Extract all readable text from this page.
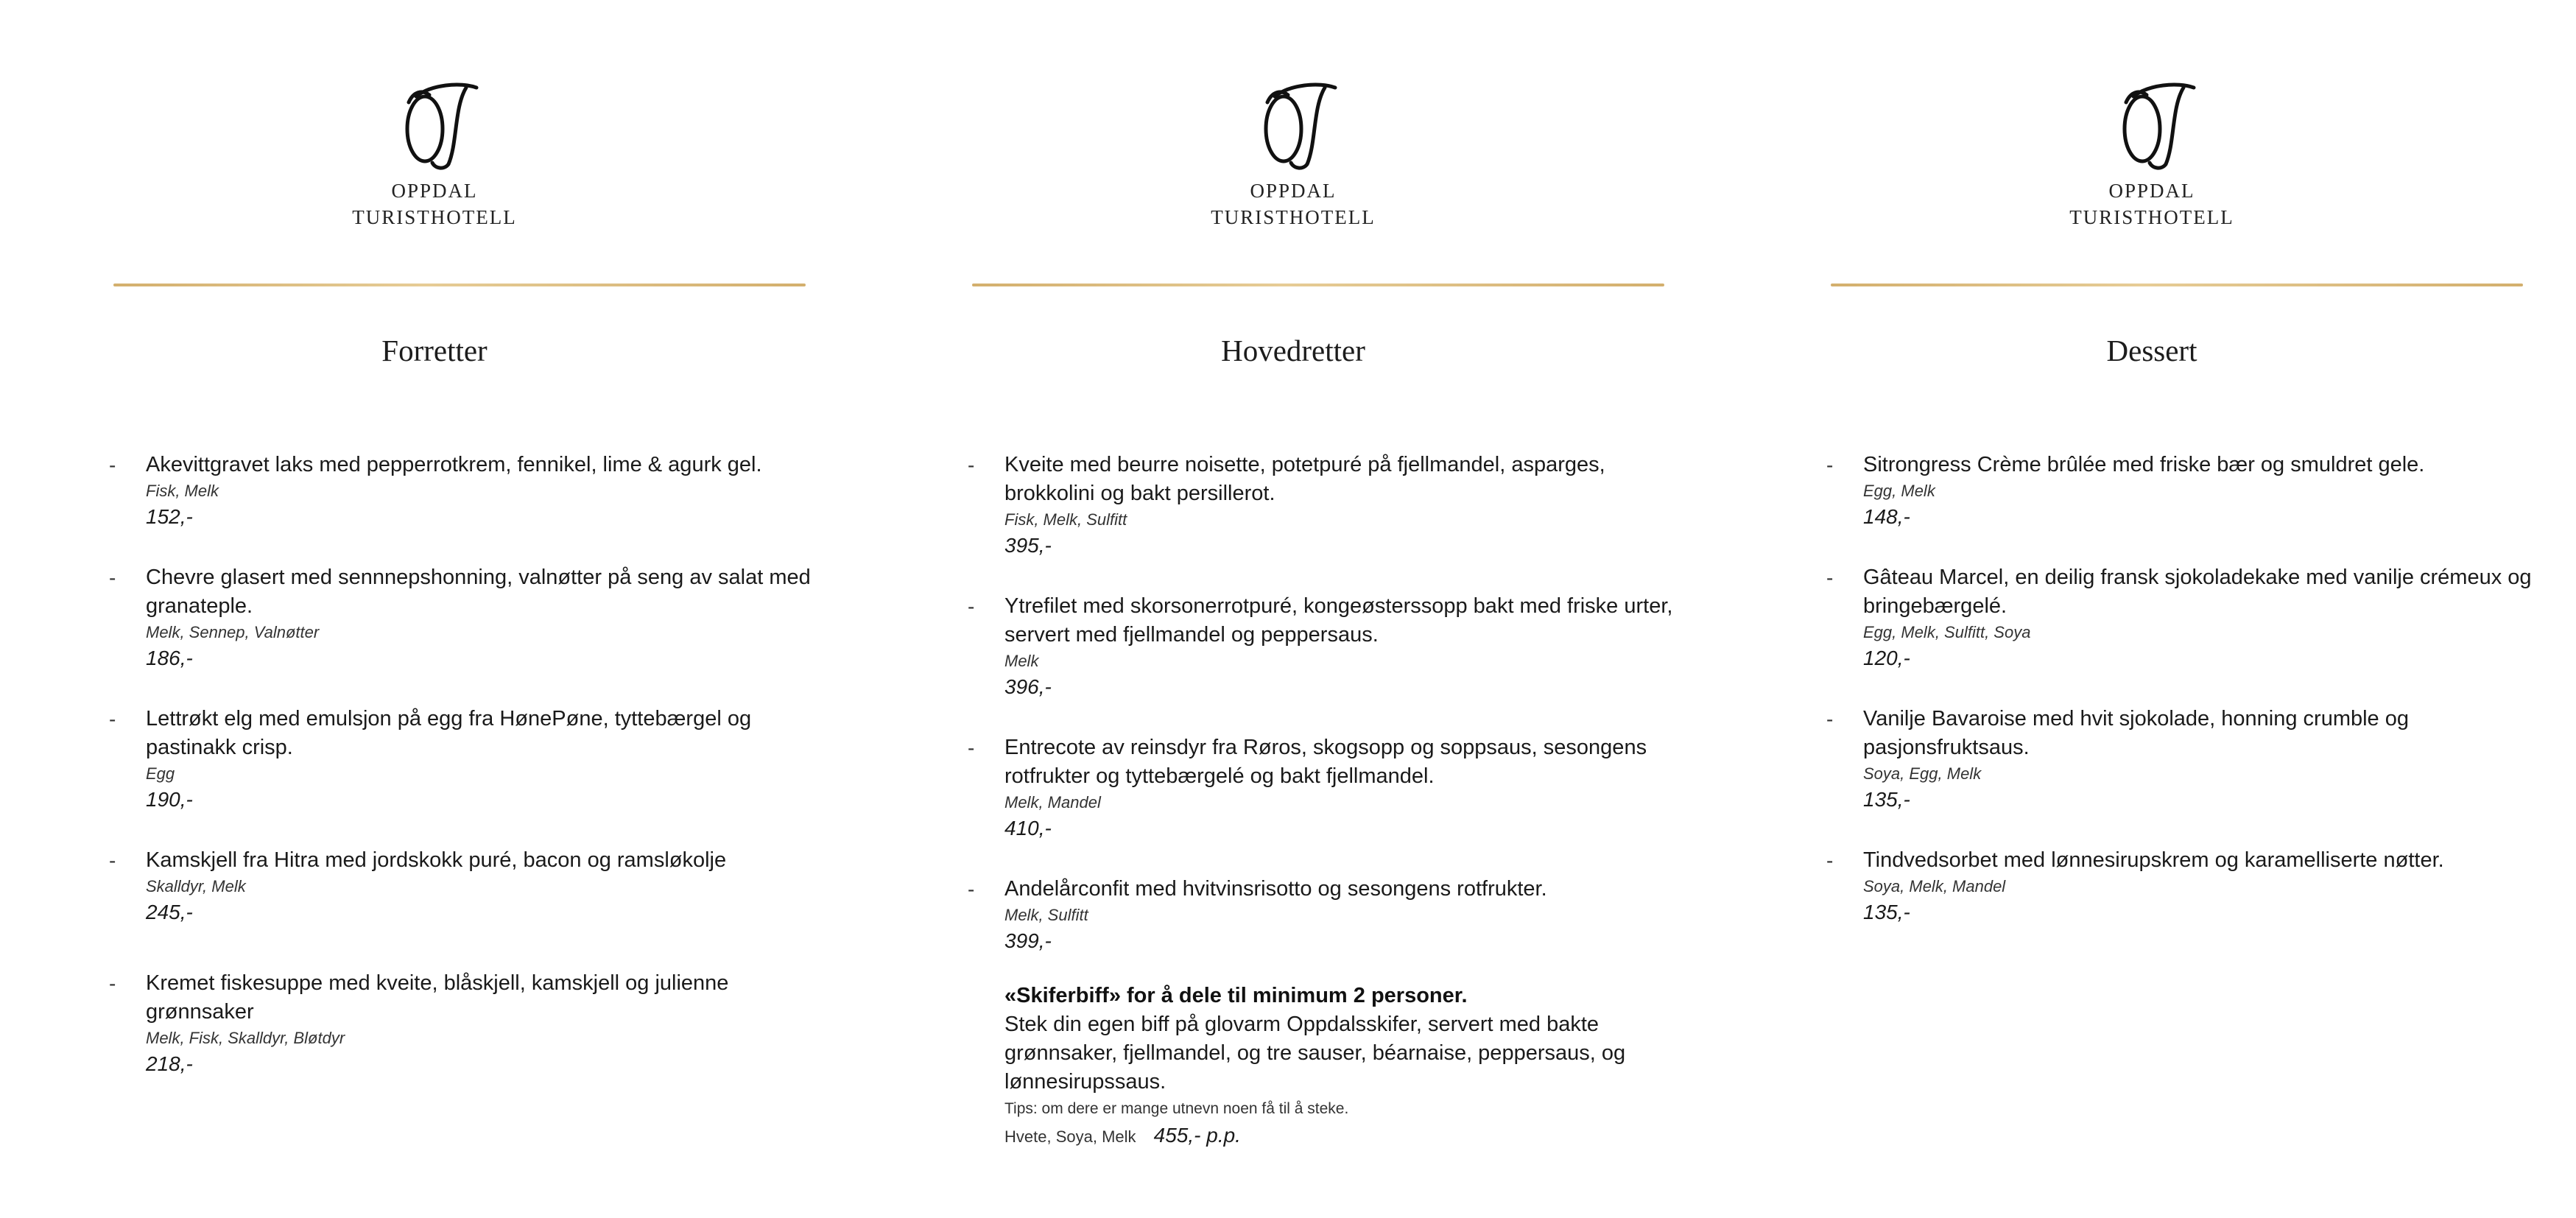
OPPDAL
TURISTHOTELL
Forretter
- Akevittgravet laks med pepperrotkrem, fennikel, lime & agurk gel.
Fisk, Melk
152,-
- Chevre glasert med sennnepshonning, valnøtter på seng av salat med granateple.
Melk, Sennep, Valnøtter
186,-
- Lettrøkt elg med emulsjon på egg fra HønePøne, tyttebærgel og pastinakk crisp.
Egg
190,-
- Kamskjell fra Hitra med jordskokk puré, bacon og ramsløkolje
Skalldyr, Melk
245,-
- Kremet fiskesuppe med kveite, blåskjell, kamskjell og julienne grønnsaker
Melk, Fisk, Skalldyr, Bløtdyr
218,-
OPPDAL
TURISTHOTELL
Hovedretter
- Kveite med beurre noisette, potetpuré på fjellmandel, asparges, brokkolini og bakt persillerot.
Fisk, Melk, Sulfitt
395,-
- Ytrefilet med skorsonerrotpuré, kongeøsterssopp bakt med friske urter, servert med fjellmandel og peppersaus.
Melk
396,-
- Entrecote av reinsdyr fra Røros, skogsopp og soppsaus, sesongens rotfrukter og tyttebærgelé og bakt fjellmandel.
Melk, Mandel
410,-
- Andelårconfit med hvitvinsrisotto og sesongens rotfrukter.
Melk, Sulfitt
399,-
«Skiferbiff» for å dele til minimum 2 personer.
Stek din egen biff på glovarm Oppdalsskifer, servert med bakte grønnsaker, fjellmandel, og tre sauser, béarnaise, peppersaus, og lønnesirupssaus.
Tips: om dere er mange utnevn noen få til å steke.
Hvete, Soya, Melk 455,- p.p.
OPPDAL
TURISTHOTELL
Dessert
- Sitrongress Crème brûlée med friske bær og smuldret gele.
Egg, Melk
148,-
- Gâteau Marcel, en deilig fransk sjokoladekake med vanilje crémeux og bringebærgelé.
Egg, Melk, Sulfitt, Soya
120,-
- Vanilje Bavaroise med hvit sjokolade, honning crumble og pasjonsfruktsaus.
Soya, Egg, Melk
135,-
- Tindvedsorbet med lønnesirupskrem og karamelliserte nøtter.
Soya, Melk, Mandel
135,-
